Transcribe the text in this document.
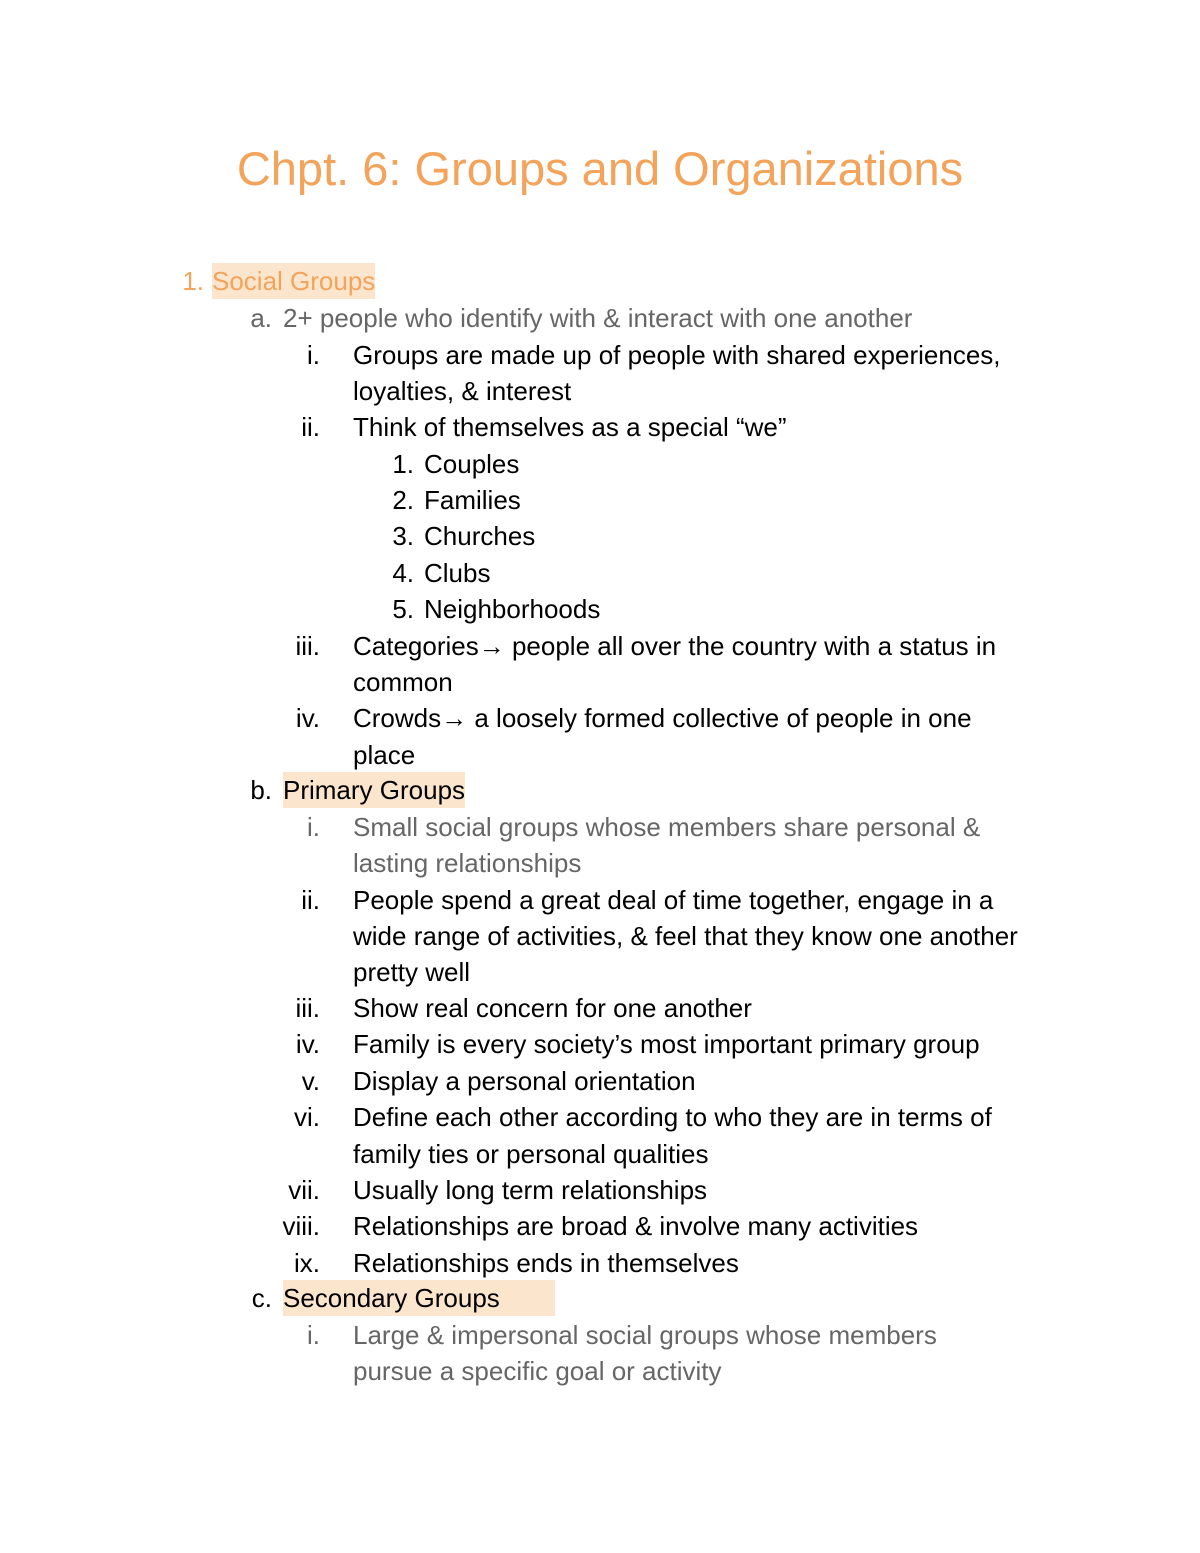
Chpt. 6: Groups and Organizations
1. Social Groups
a. 2+ people who identify with & interact with one another
i. Groups are made up of people with shared experiences,
loyalties, & interest
ii. Think of themselves as a special “we”
1. Couples
2. Families
3. Churches
4. Clubs
5. Neighborhoods
iii. Categories→ people all over the country with a status in
common
iv. Crowds→ a loosely formed collective of people in one
place
b. Primary Groups
i. Small social groups whose members share personal &
lasting relationships
ii. People spend a great deal of time together, engage in a
wide range of activities, & feel that they know one another
pretty well
iii. Show real concern for one another
iv. Family is every society’s most important primary group
v. Display a personal orientation
vi. Define each other according to who they are in terms of
family ties or personal qualities
vii. Usually long term relationships
viii. Relationships are broad & involve many activities
ix. Relationships ends in themselves
c. Secondary Groups
i. Large & impersonal social groups whose members
pursue a specific goal or activity
